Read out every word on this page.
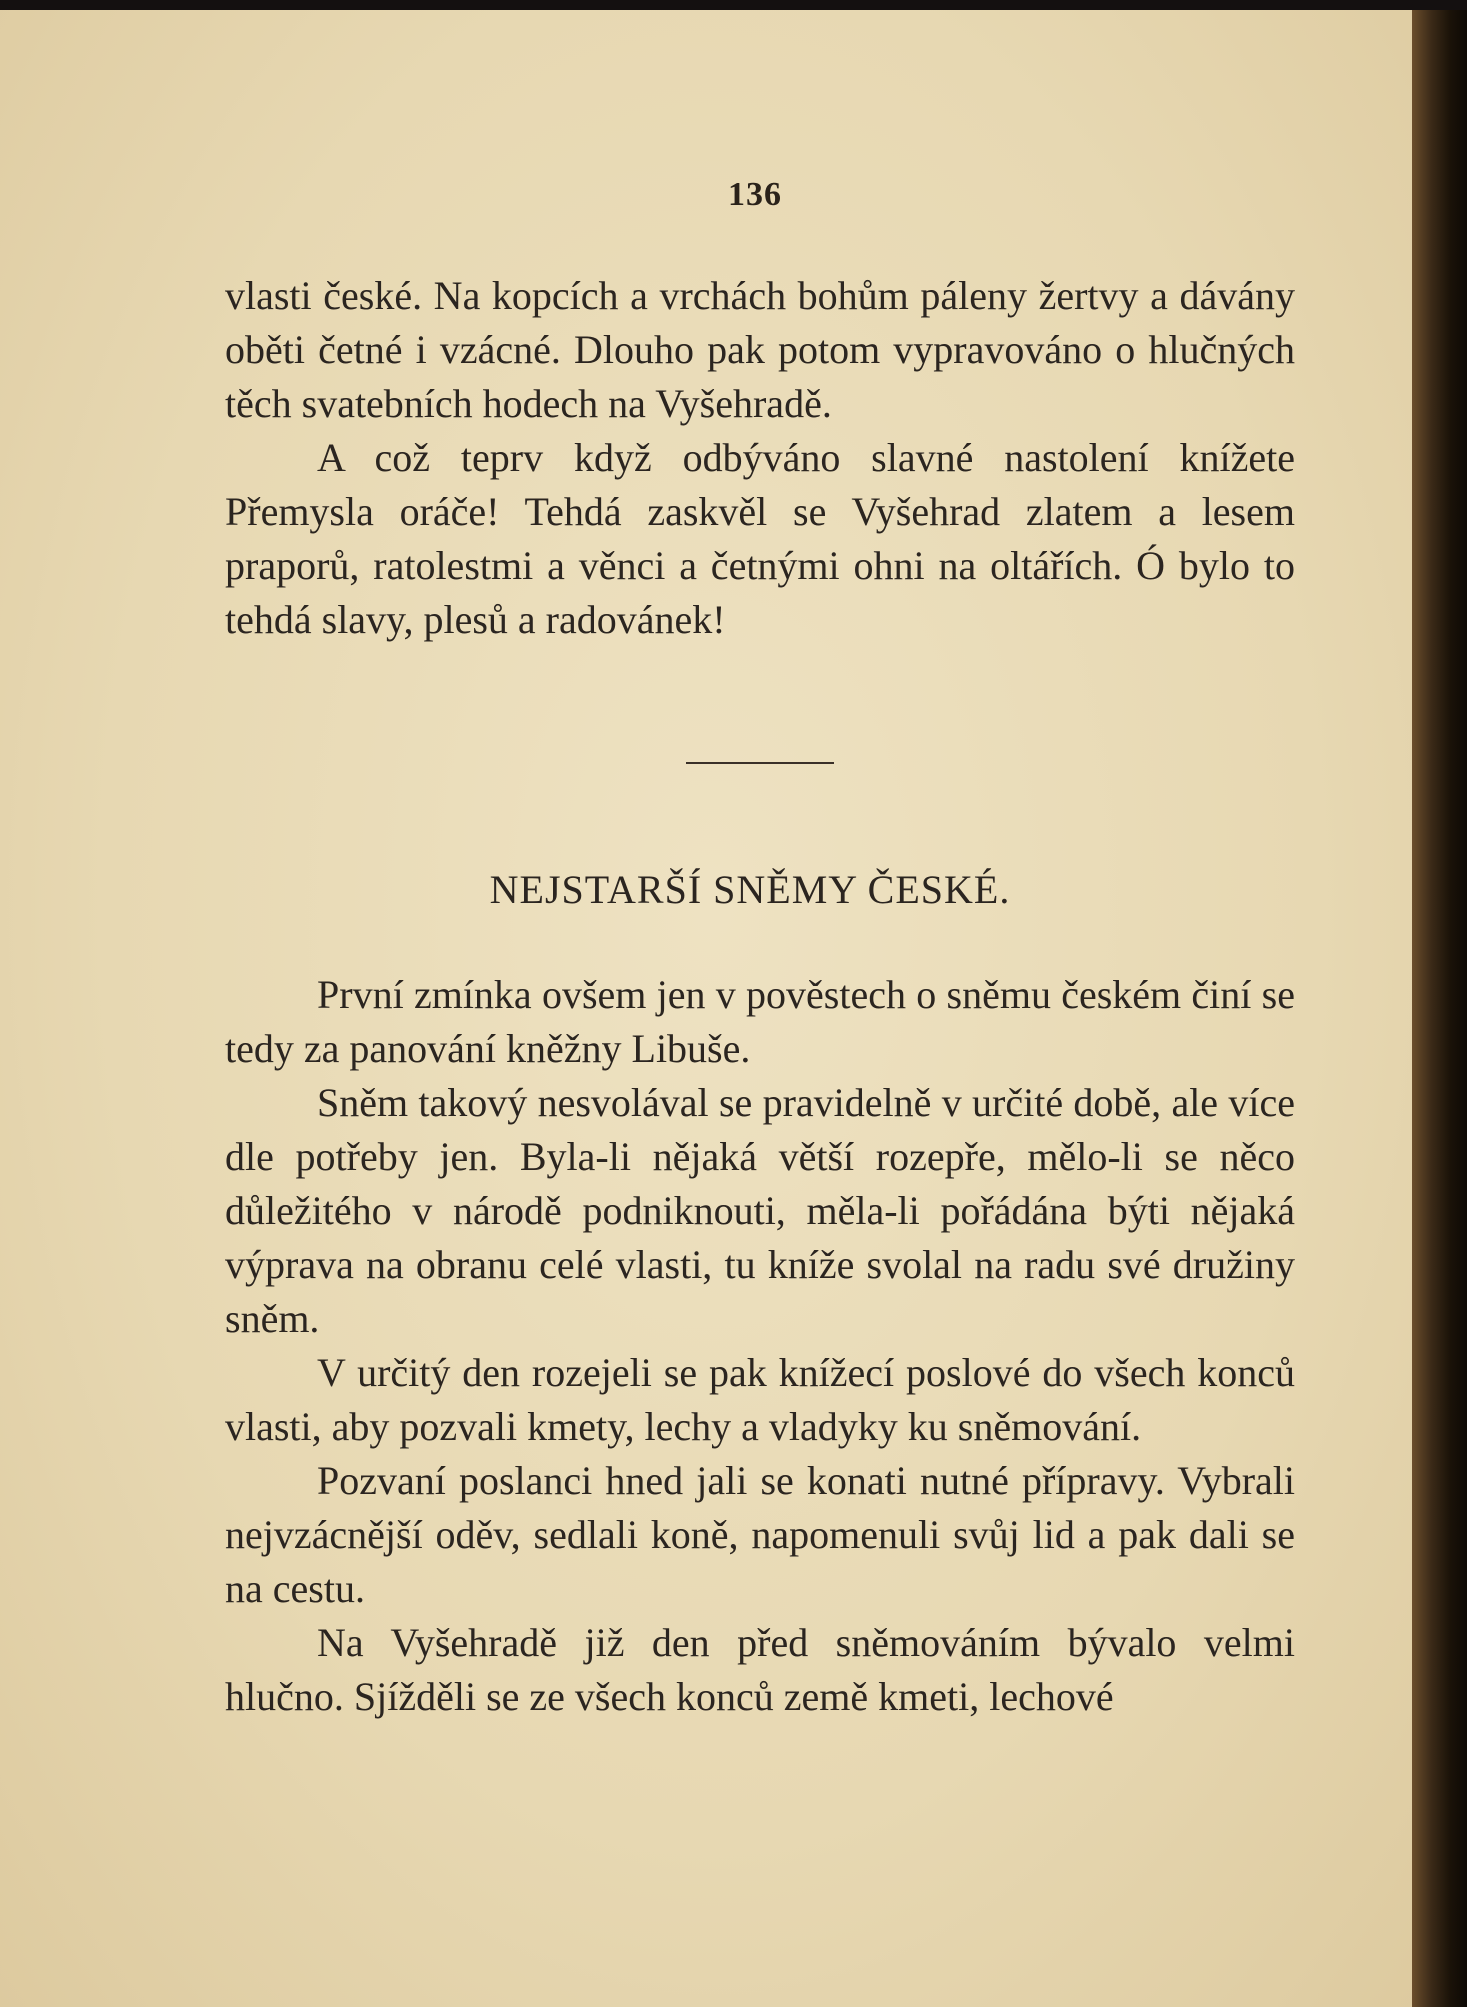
136

vlasti české. Na kopcích a vrchách bohům páleny žertvy a dávány oběti četné i vzácné. Dlouho pak potom vypravováno o hlučných těch svatebních hodech na Vyšehradě.

A což teprv když odbýváno slavné nastolení knížete Přemysla oráče! Tehdá zaskvěl se Vyšehrad zlatem a lesem praporů, ratolestmi a věnci a četnými ohni na oltářích. Ó bylo to tehdá slavy, plesů a radovánek!

NEJSTARŠÍ SNĚMY ČESKÉ.

První zmínka ovšem jen v pověstech o sněmu českém činí se tedy za panování kněžny Libuše.

Sněm takový nesvolával se pravidelně v určité době, ale více dle potřeby jen. Byla-li nějaká větší rozepře, mělo-li se něco důležitého v národě podniknouti, měla-li pořádána býti nějaká výprava na obranu celé vlasti, tu kníže svolal na radu své družiny sněm.

V určitý den rozejeli se pak knížecí poslové do všech konců vlasti, aby pozvali kmety, lechy a vladyky ku sněmování.

Pozvaní poslanci hned jali se konati nutné přípravy. Vybrali nejvzácnější oděv, sedlali koně, napomenuli svůj lid a pak dali se na cestu.

Na Vyšehradě již den před sněmováním bývalo velmi hlučno. Sjížděli se ze všech konců země kmeti, lechové
